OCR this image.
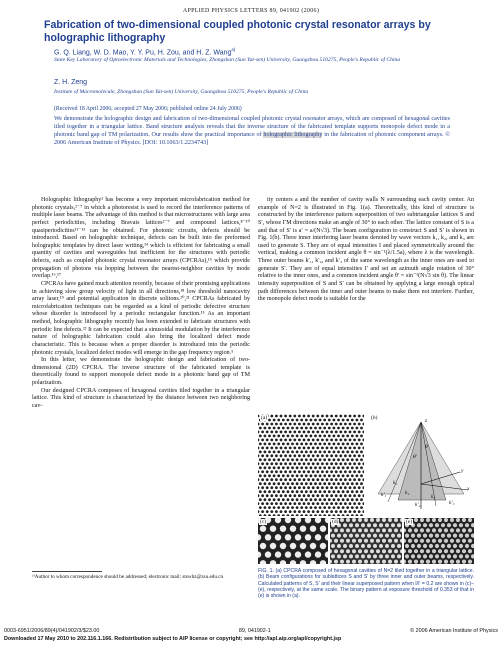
APPLIED PHYSICS LETTERS 89, 041902 (2006)
Fabrication of two-dimensional coupled photonic crystal resonator arrays by holographic lithography
G. Q. Liang, W. D. Mao, Y. Y. Pu, H. Zou, and H. Z. Wang$^{a)}$
State Key Laboratory of Optoelectronic Materials and Technologies, Zhongshan (Sun Yat-sen) University, Guangzhou 510275, People's Republic of China
Z. H. Zeng
Institute of Macromolecule, Zhongshan (Sun Yat-sen) University, Guangzhou 510275, People's Republic of China
(Received 18 April 2006; accepted 27 May 2006; published online 24 July 2006)
We demonstrate the holographic design and fabrication of two-dimensional coupled photonic crystal resonator arrays, which are composed of hexagonal cavities tiled together in a triangular lattice. Band structure analysis reveals that the inverse structure of the fabricated template supports monopole defect mode in a photonic band gap of TM polarization. Our results show the practical importance of holographic lithography in the fabrication of photonic component arrays. © 2006 American Institute of Physics. [DOI: 10.1063/1.2234743]

Holographic lithography¹ has become a very important microfabrication method for photonic crystals,²⁻⁷ in which a photoresist is used to record the interference patterns of multiple laser beams. The advantage of this method is that microstructures with large area perfect periodicities, including Bravais lattices²⁻⁷ and compound lattices,⁸⁻¹⁰ quasiperiodicities¹¹⁻¹³ can be obtained. For photonic circuits, defects should be introduced. Based on holographic technique, defects can be built into the preformed holographic templates by direct laser writing,¹⁴ which is efficient for fabricating a small quantity of cavities and waveguides but inefficient for the structures with periodic defects, such as coupled photonic crystal resonator arrays (CPCRAs),¹⁵ which provide propagation of photons via hopping between the nearest-neighbor cavities by mode overlap.¹⁶,¹⁷

CPCRAs have gained much attention recently, because of their promising applications in achieving slow group velocity of light in all directions,¹⁸ low threshold nanocavity array laser,¹⁹ and potential application in discrete solitons.²⁰,²¹ CPCRAs fabricated by microfabrication techniques can be regarded as a kind of periodic defective structure whose disorder is introduced by a periodic rectangular function.¹⁵ As an important method, holographic lithography recently has been extended to fabricate structures with periodic line defects.²² It can be expected that a sinusoidal modulation by the interference nature of holographic fabrication could also bring the localized defect mode characteristic. This is because when a proper disorder is introduced into the periodic photonic crystals, localized defect modes will emerge in the gap frequency region.⁵

In this letter, we demonstrate the holographic design and fabrication of two-dimensional (2D) CPCRA. The inverse structure of the fabricated template is theoretically found to support monopole defect mode in a photonic band gap of TM polarization.

Our designed CPCRA composes of hexagonal cavities tiled together in a triangular lattice. This kind of structure is characterized by the distance between two neighboring cav-

ᵃ⁾Author to whom correspondence should be addressed; electronic mail: stswhz@zsu.edu.cn

ity centers a and the number of cavity walls N surrounding each cavity center. An example of N=2 is illustrated in Fig. 1(a). Theoretically, this kind of structure is constructed by the interference pattern superposition of two subtriangular lattices S and S′, whose ΓM directions make an angle of 30° to each other. The lattice constant of S is a and that of S′ is a′ = a/(N√3). The beam configuration to construct S and S′ is shown in Fig. 1(b). Three inner interfering laser beams denoted by wave vectors k₁, k₂, and k₃ are used to generate S. They are of equal intensities I and placed symmetrically around the vertical, making a common incident angle θ = sin⁻¹(λ/1.5a), where λ is the wavelength. Three outer beams k′₁, k′₂, and k′₃ of the same wavelength as the inner ones are used to generate S′. They are of equal intensities I′ and set an azimuth angle rotation of 30° relative to the inner ones, and a common incident angle θ′ = sin⁻¹(N√3 sin θ). The linear intensity superposition of S and S′ can be obtained by applying a large enough optical path differences between the inner and outer beams to make them not interfere. Further, the monopole defect mode is suitable for the

(a)	(b)	z
y
x
k₁
k₂
k₃
k′₁
k′₂	k′₃
θ
θ′
(c)	(d)	(e)
FIG. 1. (a) CPCRA composed of hexagonal cavities of N=2 tiled together in a triangular lattice. (b) Beam configurations for sublattices S and S′ by three inner and outer beams, respectively. Calculated patterns of S, S′ and their linear superposed pattern when I/I′ = 0.2 are shown in (c)–(e), respectively, at the same scale. The binary pattern at exposure threshold of 0.353 of that in (e) is shown in (a).
0003-6951/2006/89(4)/041902/3/$23.00	89, 041902-1	© 2006 American Institute of Physics
Downloaded 17 May 2010 to 202.116.1.166. Redistribution subject to AIP license or copyright; see http://apl.aip.org/apl/copyright.jsp
